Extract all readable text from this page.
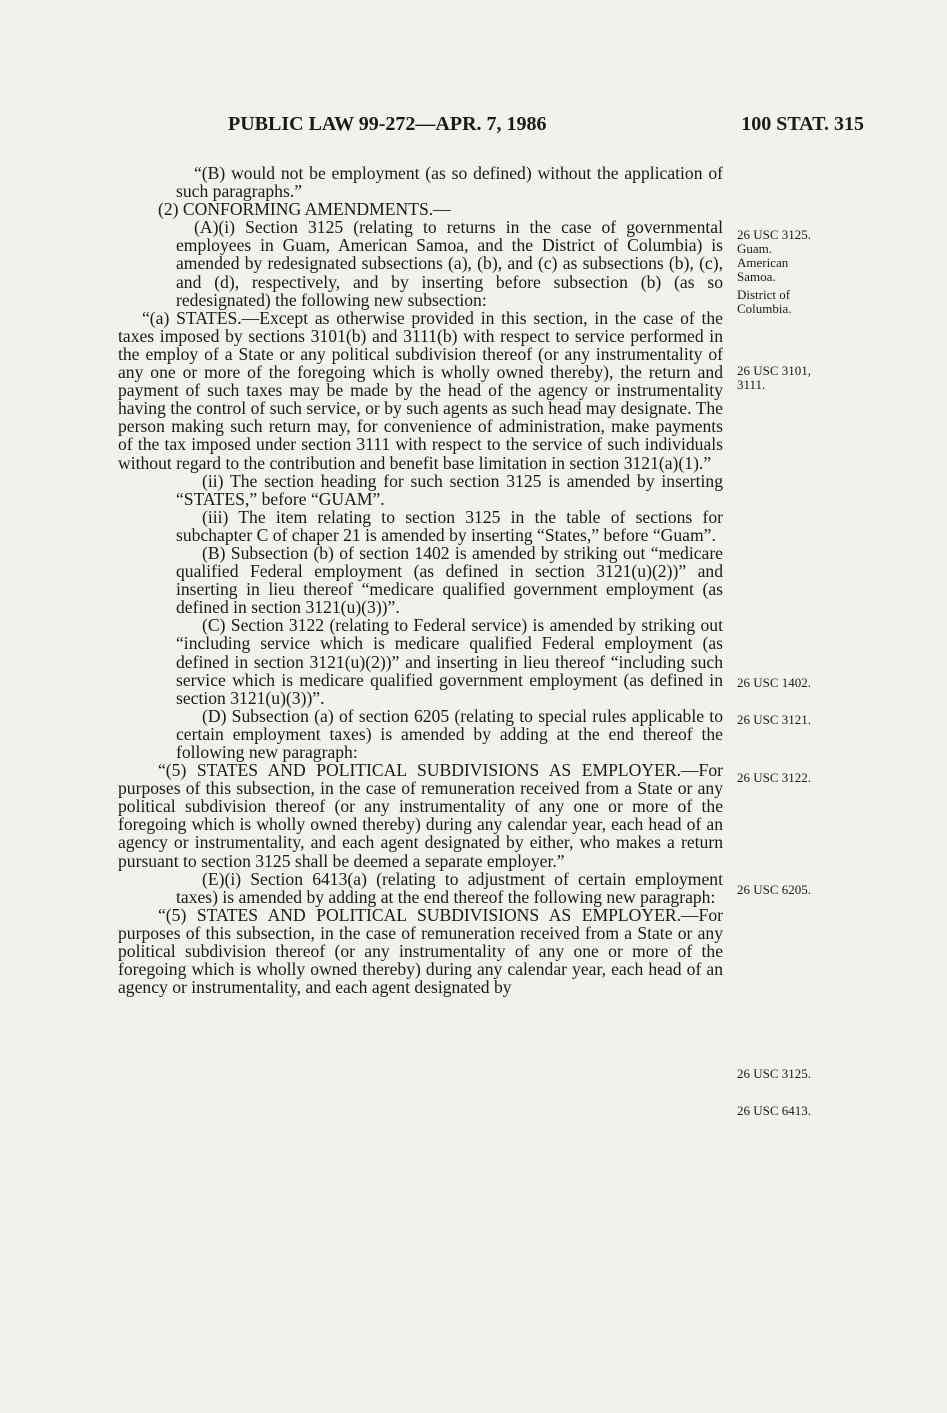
PUBLIC LAW 99-272—APR. 7, 1986	100 STAT. 315

“(B) would not be employment (as so defined) without the application of such paragraphs.”

(2) CONFORMING AMENDMENTS.—

(A)(i) Section 3125 (relating to returns in the case of governmental employees in Guam, American Samoa, and the District of Columbia) is amended by redesignated subsections (a), (b), and (c) as subsections (b), (c), and (d), respectively, and by inserting before subsection (b) (as so redesignated) the following new subsection:

“(a) STATES.—Except as otherwise provided in this section, in the case of the taxes imposed by sections 3101(b) and 3111(b) with respect to service performed in the employ of a State or any political subdivision thereof (or any instrumentality of any one or more of the foregoing which is wholly owned thereby), the return and payment of such taxes may be made by the head of the agency or instrumentality having the control of such service, or by such agents as such head may designate. The person making such return may, for convenience of administration, make payments of the tax imposed under section 3111 with respect to the service of such individuals without regard to the contribution and benefit base limitation in section 3121(a)(1).”

(ii) The section heading for such section 3125 is amended by inserting “STATES,” before “GUAM”.

(iii) The item relating to section 3125 in the table of sections for subchapter C of chaper 21 is amended by inserting “States,” before “Guam”.

(B) Subsection (b) of section 1402 is amended by striking out “medicare qualified Federal employment (as defined in section 3121(u)(2))” and inserting in lieu thereof “medicare qualified government employment (as defined in section 3121(u)(3))”.

(C) Section 3122 (relating to Federal service) is amended by striking out “including service which is medicare qualified Federal employment (as defined in section 3121(u)(2))” and inserting in lieu thereof “including such service which is medicare qualified government employment (as defined in section 3121(u)(3))”.

(D) Subsection (a) of section 6205 (relating to special rules applicable to certain employment taxes) is amended by adding at the end thereof the following new paragraph:

“(5) STATES AND POLITICAL SUBDIVISIONS AS EMPLOYER.—For purposes of this subsection, in the case of remuneration received from a State or any political subdivision thereof (or any instrumentality of any one or more of the foregoing which is wholly owned thereby) during any calendar year, each head of an agency or instrumentality, and each agent designated by either, who makes a return pursuant to section 3125 shall be deemed a separate employer.”

(E)(i) Section 6413(a) (relating to adjustment of certain employment taxes) is amended by adding at the end thereof the following new paragraph:

“(5) STATES AND POLITICAL SUBDIVISIONS AS EMPLOYER.—For purposes of this subsection, in the case of remuneration received from a State or any political subdivision thereof (or any instrumentality of any one or more of the foregoing which is wholly owned thereby) during any calendar year, each head of an agency or instrumentality, and each agent designated by

26 USC 3125.
Guam.
American Samoa.
District of Columbia.
26 USC 3101, 3111.
26 USC 1402.
26 USC 3121.
26 USC 3122.
26 USC 6205.
26 USC 3125.
26 USC 6413.
